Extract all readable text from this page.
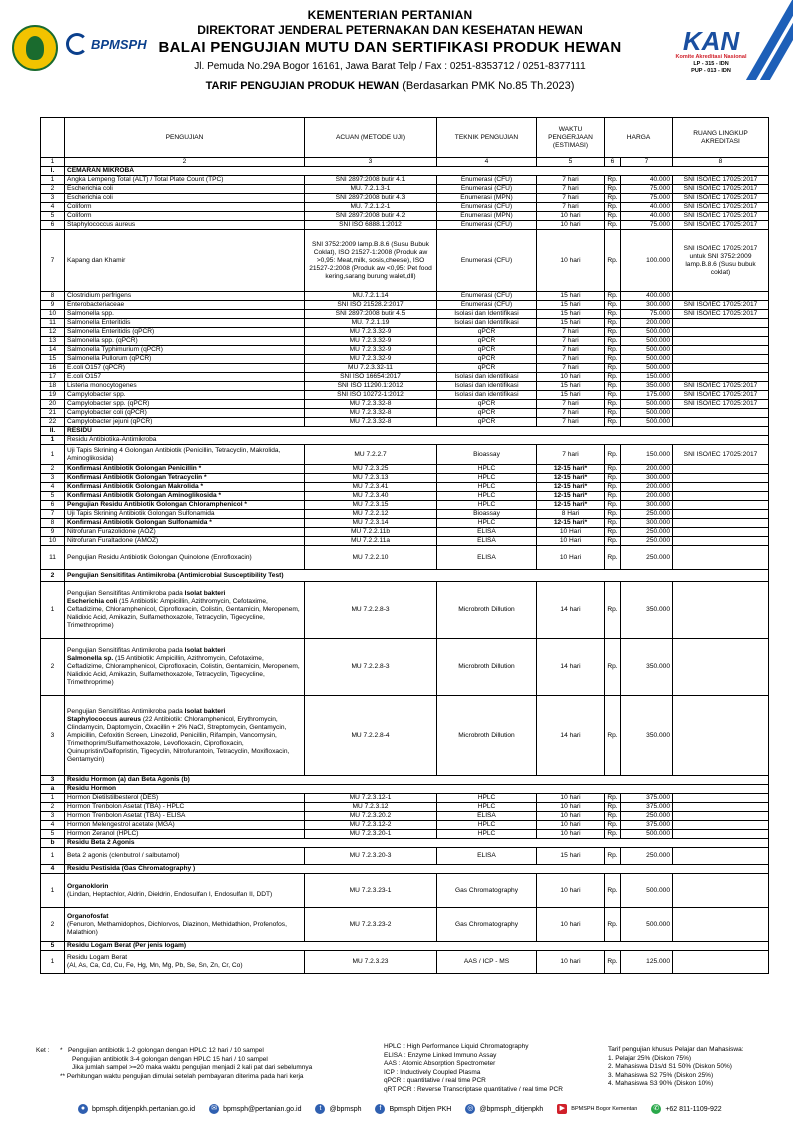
BPMSPH
KEMENTERIAN PERTANIAN
DIREKTORAT JENDERAL PETERNAKAN DAN KESEHATAN HEWAN
BALAI PENGUJIAN MUTU DAN SERTIFIKASI PRODUK HEWAN
Jl. Pemuda No.29A Bogor 16161, Jawa Barat Telp / Fax : 0251-8353712 / 0251-8377111
TARIF PENGUJIAN PRODUK HEWAN (Berdasarkan PMK No.85 Th.2023)
KAN
Komite Akreditasi Nasional
LP - 315 - IDN
PUP - 013 - IDN
	PENGUJIAN	ACUAN (METODE UJI)	TEKNIK PENGUJIAN	WAKTU PENGERJAAN (ESTIMASI)	HARGA		RUANG LINGKUP AKREDITASI
1	2	3	4	5	6	7	8
I.	CEMARAN MIKROBA						
1	Angka Lempeng Total (ALT) / Total Plate Count (TPC)	SNI 2897:2008 butir 4.1	Enumerasi (CFU)	7 hari	Rp.	40.000	SNI ISO/IEC 17025:2017
2	Escherichia coli	MU. 7.2.1.3-1	Enumerasi (CFU)	7 hari	Rp.	75.000	SNI ISO/IEC 17025:2017
3	Escherichia coli	SNI 2897:2008 butir 4.3	Enumerasi (MPN)	7 hari	Rp.	75.000	SNI ISO/IEC 17025:2017
4	Coliform	MU. 7.2.1.2-1	Enumerasi (CFU)	7 hari	Rp.	40.000	SNI ISO/IEC 17025:2017
5	Coliform	SNI 2897:2008 butir 4.2	Enumerasi (MPN)	10 hari	Rp.	40.000	SNI ISO/IEC 17025:2017
6	Staphylococcus aureus	SNI ISO 6888.1:2012	Enumerasi (CFU)	10 hari	Rp.	75.000	SNI ISO/IEC 17025:2017
7	Kapang dan Khamir	SNI 3752:2009 lamp.B.8.6 (Susu Bubuk Coklat), ISO 21527-1:2008 (Produk aw >0,95: Meat,milk, sosis,cheese), ISO 21527-2:2008 (Produk aw <0,95: Pet food kering,sarang burung walet,dll)	Enumerasi (CFU)	10 hari	Rp.	100.000	SNI ISO/IEC 17025:2017 untuk SNI 3752:2009 lamp.B.8.6 (Susu bubuk coklat)
8	Clostridium perfrigens	MU.7.2.1.14	Enumerasi (CFU)	15 hari	Rp.	400.000	
9	Enterobacteriaceae	SNI ISO 21528.2:2017	Enumerasi (CFU)	15 hari	Rp.	300.000	SNI ISO/IEC 17025:2017
10	Salmonella spp.	SNI 2897:2008 butir 4.5	Isolasi dan Identifikasi	15 hari	Rp.	75.000	SNI ISO/IEC 17025:2017
11	Salmonella Enteritidis	MU. 7.2.1.19	Isolasi dan Identifikasi	15 hari	Rp.	200.000	
12	Salmonella Enteritidis (qPCR)	MU 7.2.3.32-9	qPCR	7 hari	Rp.	500.000	
13	Salmonella spp. (qPCR)	MU 7.2.3.32-9	qPCR	7 hari	Rp.	500.000	
14	Salmonella Typhimurium (qPCR)	MU 7.2.3.32-9	qPCR	7 hari	Rp.	500.000	
15	Salmonella Pullorum (qPCR)	MU 7.2.3.32-9	qPCR	7 hari	Rp.	500.000	
16	E.coli O157 (qPCR)	MU 7.2.3.32-11	qPCR	7 hari	Rp.	500.000	
17	E.coli O157	SNI ISO 16654:2017	Isolasi dan identifikasi	10 hari	Rp.	150.000	
18	Listeria monocytogenes	SNI ISO 11290.1:2012	Isolasi dan identifikasi	15 hari	Rp.	350.000	SNI ISO/IEC 17025:2017
19	Campylobacter spp.	SNI ISO 10272-1:2012	Isolasi dan identifikasi	15 hari	Rp.	175.000	SNI ISO/IEC 17025:2017
20	Campylobacter spp. (qPCR)	MU 7.2.3.32-8	qPCR	7 hari	Rp.	500.000	SNI ISO/IEC 17025:2017
21	Campylobacter coli (qPCR)	MU 7.2.3.32-8	qPCR	7 hari	Rp.	500.000	
22	Campylobacter jejuni (qPCR)	MU 7.2.3.32-8	qPCR	7 hari	Rp.	500.000	
II.	RESIDU						
1	Residu Antibiotika-Antimikroba						
1	Uji Tapis Skrining 4 Golongan Antibiotik (Penicillin, Tetracyclin, Makrolida, Aminoglikosida)	MU 7.2.2.7	Bioassay	7 hari	Rp.	150.000	SNI ISO/IEC 17025:2017
2	Konfirmasi Antibiotik Golongan Penicillin *	MU 7.2.3.25	HPLC	12-15 hari*	Rp.	200.000	
3	Konfirmasi Antibiotik Golongan Tetracyclin *	MU 7.2.3.13	HPLC	12-15 hari*	Rp.	300.000	
4	Konfirmasi Antibiotik Golongan Makrolida *	MU 7.2.3.41	HPLC	12-15 hari*	Rp.	200.000	
5	Konfirmasi Antibiotik Golongan Aminoglikosida *	MU 7.2.3.40	HPLC	12-15 hari*	Rp.	200.000	
6	Pengujian Residu Antibiotik Golongan Chloramphenicol *	MU 7.2.3.15	HPLC	12-15 hari*	Rp.	300.000	
7	Uji Tapis Skrining Antibiotik Golongan Sulfonamida	MU 7.2.2.12	Bioassay	8 Hari	Rp.	250.000	
8	Konfirmasi Antibiotik Golongan Sulfonamida *	MU 7.2.3.14	HPLC	12-15 hari*	Rp.	300.000	
9	Nitrofuran Furazolidone (AOZ)	MU 7.2.2.11b	ELISA	10 Hari	Rp.	250.000	
10	Nitrofuran Furaltadone (AMOZ)	MU 7.2.2.11a	ELISA	10 Hari	Rp.	250.000	
11	Pengujian Residu Antibiotik Golongan Quinolone (Enrofloxacin)	MU 7.2.2.10	ELISA	10 Hari	Rp.	250.000	
2	Pengujian Sensitifitas Antimikroba (Antimicrobial Susceptibility Test)						
1	Pengujian Sensitifitas Antimikroba pada Isolat bakteri
Escherichia coli (15 Antibiotik: Ampicillin, Azithromycin, Cefotaxime, Ceftadizime, Chloramphenicol, Ciprofloxacin, Colistin, Gentamicin, Meropenem, Nalidixic Acid, Amikazin, Sulfamethoxazole, Tetracyclin, Tigecycline, Trimethroprime)	MU 7.2.2.8-3	Microbroth Dillution	14 hari	Rp.	350.000	
2	Pengujian Sensitifitas Antimikroba pada Isolat bakteri
Salmonella sp. (15 Antibiotik: Ampicillin, Azithromycin, Cefotaxime, Ceftadizime, Chloramphenicol, Ciprofloxacin, Colistin, Gentamicin, Meropenem, Nalidixic Acid, Amikazin, Sulfamethoxazole, Tetracyclin, Tigecycline, Trimethroprime)	MU 7.2.2.8-3	Microbroth Dillution	14 hari	Rp.	350.000	
3	Pengujian Sensitifitas Antimikroba pada Isolat bakteri
Staphylococcus aureus (22 Antibiotik: Chloramphenicol, Erythromycin, Clindamycin, Daptomycin, Oxacillin + 2% NaCl, Streptomycin, Gentamycin, Ampicillin, Cefoxitin Screen, Linezolid, Penicillin, Rifampin, Vancomysin, Trimethoprim/Sulfamethoxazole, Levofloxacin, Ciprofloxacin, Quinupristin/Dalfopristin, Tigecyclin, Nitrofurantoin, Tetracyclin, Moxifloxacin, Gentamycin)	MU 7.2.2.8-4	Microbroth Dillution	14 hari	Rp.	350.000	
3	Residu Hormon (a) dan Beta Agonis (b)						
a	Residu Hormon						
1	Hormon Dietilstilbesterol (DES)	MU 7.2.3.12-1	HPLC	10 hari	Rp.	375.000	
2	Hormon Trenbolon Asetat (TBA) - HPLC	MU 7.2.3.12	HPLC	10 hari	Rp.	375.000	
3	Hormon Trenbolon Asetat (TBA) - ELISA	MU 7.2.3.20.2	ELISA	10 hari	Rp.	250.000	
4	Hormon Melengestrol acetate (MGA)	MU 7.2.3.12-2	HPLC	10 hari	Rp.	375.000	
5	Hormon Zeranol (HPLC)	MU 7.2.3.20-1	HPLC	10 hari	Rp.	500.000	
b	Residu Beta 2 Agonis						
1	Beta 2 agonis (clenbutrol / salbutamol)	MU 7.2.3.20-3	ELISA	15 hari	Rp.	250.000	
4	Residu Pestisida (Gas Chromatography )						
1	Organoklorin
(Lindan, Heptachlor, Aldrin, Dieldrin, Endosulfan I, Endosulfan II, DDT)	MU 7.2.3.23-1	Gas Chromatography	10 hari	Rp.	500.000	
2	Organofosfat
(Fenuron, Methamidophos, Dichlorvos, Diazinon, Methidathion, Profenofos, Malathion)	MU 7.2.3.23-2	Gas Chromatography	10 hari	Rp.	500.000	
5	Residu Logam Berat (Per jenis logam)						
1	Residu Logam Berat
(Al, As, Ca, Cd, Cu, Fe, Hg, Mn, Mg, Pb, Se, Sn, Zn, Cr, Co)	MU 7.2.3.23	AAS / ICP - MS	10 hari	Rp.	125.000	
Ket : * Pengujian antibiotik 1-2 golongan dengan HPLC 12 hari / 10 sampel
Pengujian antibiotik 3-4 golongan dengan HPLC 15 hari / 10 sampel
Jika jumlah sampel >=20 maka waktu pengujian menjadi 2 kali pat dari sebelumnya
** Perhitungan waktu pengujian dimulai setelah pembayaran diterima pada hari kerja
HPLC : High Performance Liquid Chromatography
ELISA : Enzyme Linked Immuno Assay
AAS : Atomic Absorption Spectrometer
ICP : Inductively Coupled Plasma
qPCR : quantitative / real time PCR
qRT PCR : Reverse Transcriptase quantitative / real time PCR
Tarif pengujian khusus Pelajar dan Mahasiswa:
1. Pelajar 25% (Diskon 75%)
2. Mahasiswa D1s/d S1 50% (Diskon 50%)
3. Mahasiswa S2 75% (Diskon 25%)
4. Mahasiswa S3 90% (Diskon 10%)
● bpmsph.ditjenpkh.pertanian.go.id ✉ bpmsph@pertanian.go.id	t	@bpmsph	f	Bpmsph Ditjen PKH ◎ @bpmsph_ditjenpkh	▶	BPMSPH Bogor Kementan ✆ +62 811-1109-922
